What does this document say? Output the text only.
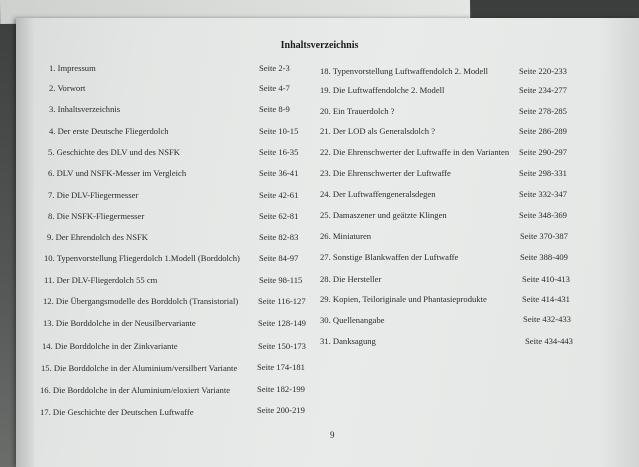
Inhaltsverzeichnis
1. Impressum	Seite 2-3
2. Vorwort	Seite 4-7
3. Inhaltsverzeichnis	Seite 8-9
4. Der erste Deutsche Fliegerdolch	Seite 10-15
5. Geschichte des DLV und des NSFK	Seite 16-35
6. DLV und NSFK-Messer im Vergleich	Seite 36-41
7. Die DLV-Fliegermesser	Seite 42-61
8. Die NSFK-Fliegermesser	Seite 62-81
9. Der Ehrendolch des NSFK	Seite 82-83
10. Typenvorstellung Fliegerdolch 1.Modell (Borddolch) Seite 84-97
11. Der DLV-Fliegerdolch 55 cm	Seite 98-115
12. Die Übergangsmodelle des Borddolch (Transistorial) Seite 116-127
13. Die Borddolche in der Neusilbervariante	Seite 128-149
14. Die Borddolche in der Zinkvariante	Seite 150-173
15. Die Borddolche in der Aluminium/versilbert Variante Seite 174-181
16. Die Borddolche in der Aluminium/eloxiert Variante	Seite 182-199
17. Die Geschichte der Deutschen Luftwaffe	Seite 200-219
18. Typenvorstellung Luftwaffendolch 2. Modell	Seite 220-233
19. Die Luftwaffendolche 2. Modell	Seite 234-277
20. Ein Trauerdolch ?	Seite 278-285
21. Der LOD als Generalsdolch ?	Seite 286-289
22. Die Ehrenschwerter der Luftwaffe in den Varianten Seite 290-297
23. Die Ehrenschwerter der Luftwaffe	Seite 298-331
24. Der Luftwaffengeneralsdegen	Seite 332-347
25. Damaszener und geätzte Klingen	Seite 348-369
26. Miniaturen	Seite 370-387
27. Sonstige Blankwaffen der Luftwaffe	Seite 388-409
28. Die Hersteller	Seite 410-413
29. Kopien, Teiloriginale und Phantasieprodukte	Seite 414-431
30. Quellenangabe	Seite 432-433
31. Danksagung	Seite 434-443
9
